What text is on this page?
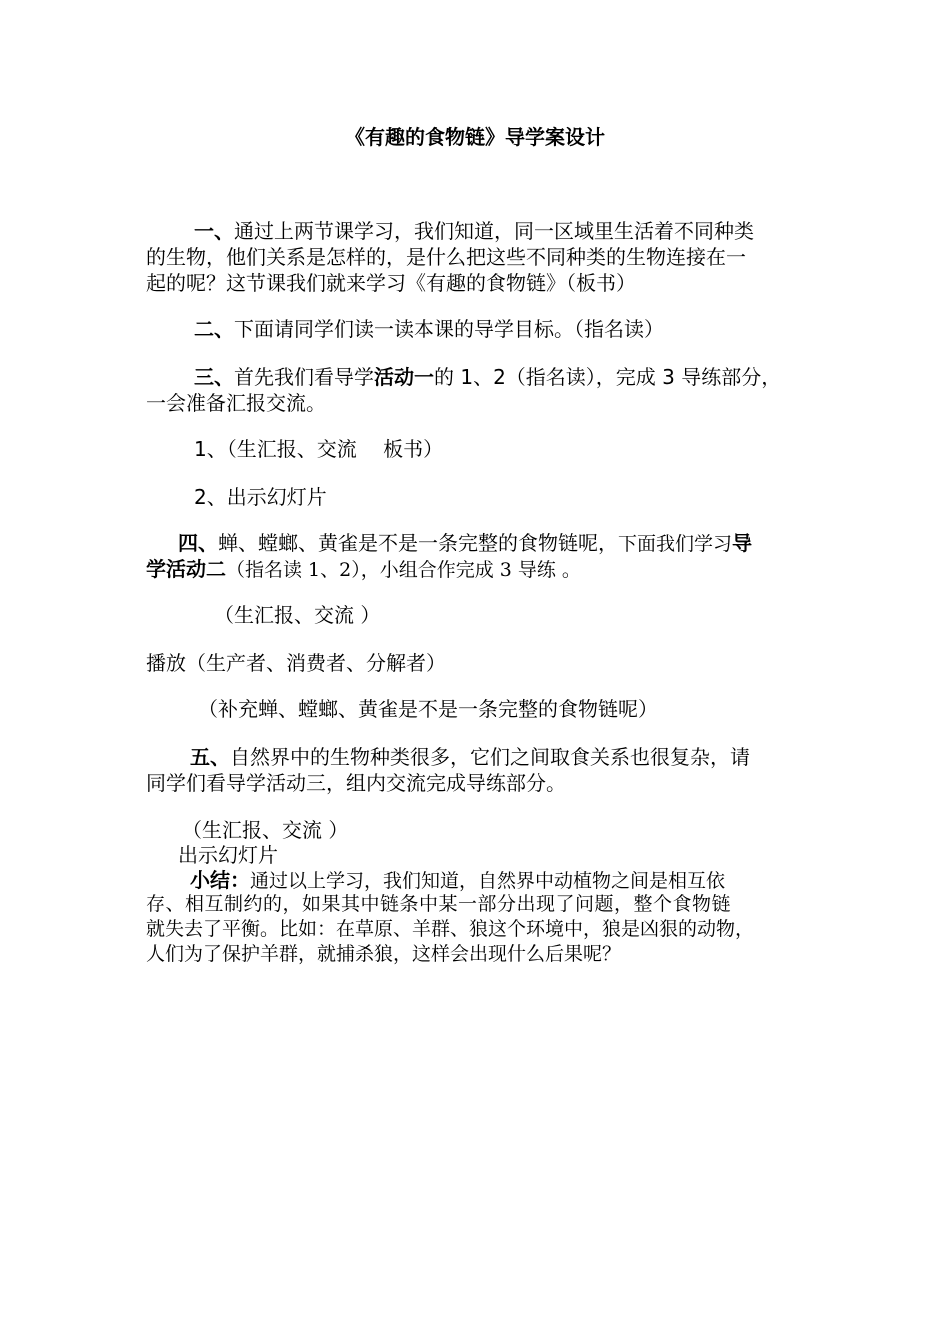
《有趣的食物链》导学案设计
一、通过上两节课学习，我们知道，同一区域里生活着不同种类
的生物，他们关系是怎样的，是什么把这些不同种类的生物连接在一
起的呢？这节课我们就来学习《有趣的食物链》（板书）
二、下面请同学们读一读本课的导学目标。（指名读）
三、首先我们看导学活动一的 1、2（指名读），完成 3 导练部分，
一会准备汇报交流。
1、（生汇报、交流　 板书）
2、出示幻灯片
四、蝉、螳螂、黄雀是不是一条完整的食物链呢，下面我们学习导
学活动二（指名读 1、2），小组合作完成 3 导练 。
（生汇报、交流 ）
播放（生产者、消费者、分解者）
（补充蝉、螳螂、黄雀是不是一条完整的食物链呢）
五、自然界中的生物种类很多，它们之间取食关系也很复杂，请
同学们看导学活动三，组内交流完成导练部分。
（生汇报、交流 ）
出示幻灯片
小结：通过以上学习，我们知道，自然界中动植物之间是相互依
存、相互制约的，如果其中链条中某一部分出现了问题，整个食物链
就失去了平衡。比如：在草原、羊群、狼这个环境中，狼是凶狠的动物，
人们为了保护羊群，就捕杀狼，这样会出现什么后果呢？
